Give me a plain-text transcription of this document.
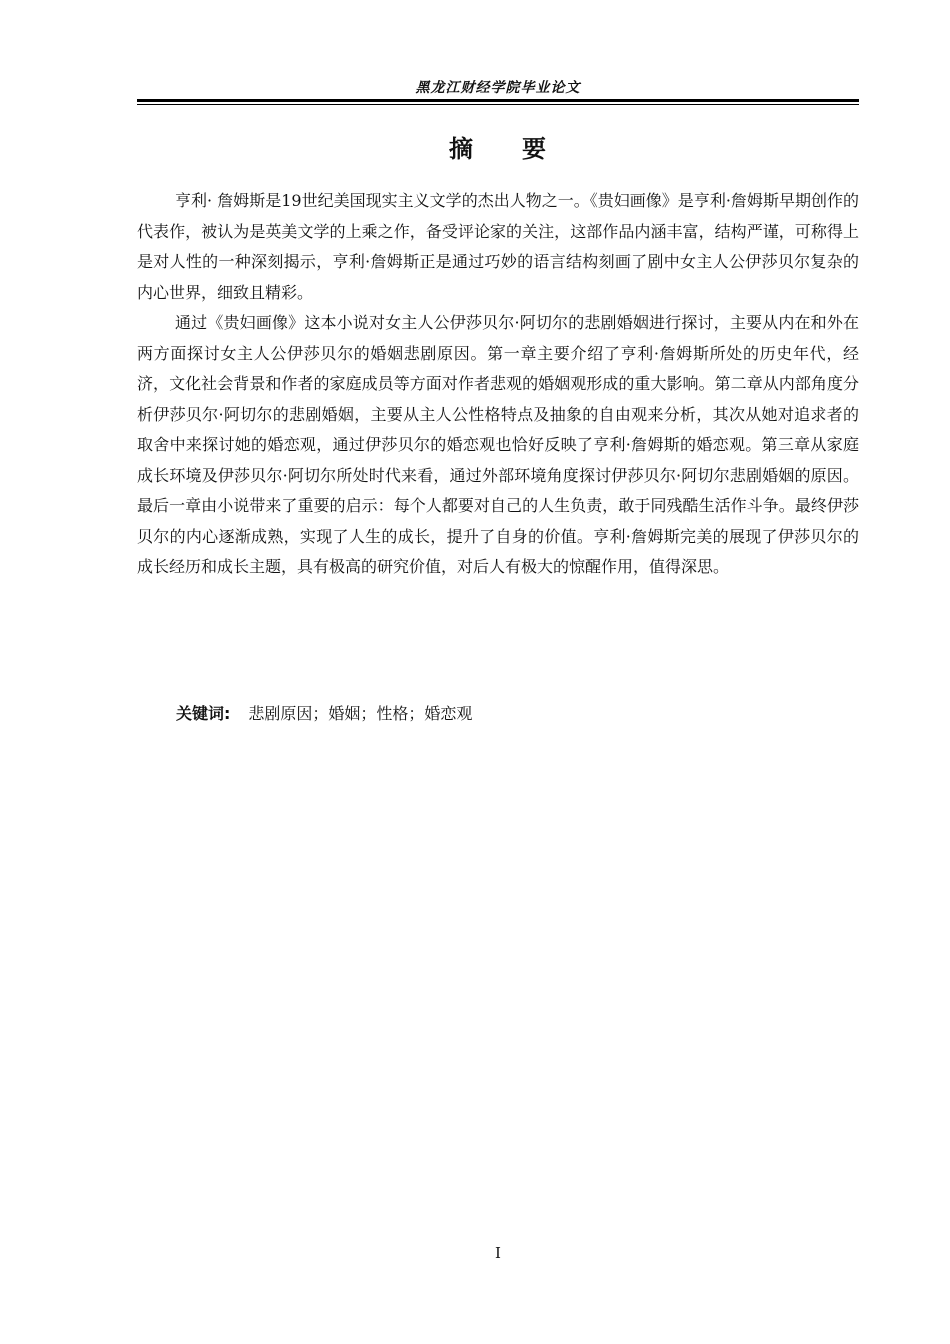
黑龙江财经学院毕业论文
摘 要

亨利· 詹姆斯是19世纪美国现实主义文学的杰出人物之一。《贵妇画像》是亨利·詹姆斯早期创作的代表作，被认为是英美文学的上乘之作，备受评论家的关注，这部作品内涵丰富，结构严谨，可称得上是对人性的一种深刻揭示，亨利·詹姆斯正是通过巧妙的语言结构刻画了剧中女主人公伊莎贝尔复杂的内心世界，细致且精彩。

通过《贵妇画像》这本小说对女主人公伊莎贝尔·阿切尔的悲剧婚姻进行探讨，主要从内在和外在两方面探讨女主人公伊莎贝尔的婚姻悲剧原因。第一章主要介绍了亨利·詹姆斯所处的历史年代，经济，文化社会背景和作者的家庭成员等方面对作者悲观的婚姻观形成的重大影响。第二章从内部角度分析伊莎贝尔·阿切尔的悲剧婚姻，主要从主人公性格特点及抽象的自由观来分析，其次从她对追求者的取舍中来探讨她的婚恋观，通过伊莎贝尔的婚恋观也恰好反映了亨利·詹姆斯的婚恋观。第三章从家庭成长环境及伊莎贝尔·阿切尔所处时代来看，通过外部环境角度探讨伊莎贝尔·阿切尔悲剧婚姻的原因。最后一章由小说带来了重要的启示：每个人都要对自己的人生负责，敢于同残酷生活作斗争。最终伊莎贝尔的内心逐渐成熟，实现了人生的成长，提升了自身的价值。亨利·詹姆斯完美的展现了伊莎贝尔的成长经历和成长主题，具有极高的研究价值，对后人有极大的惊醒作用，值得深思。

关键词: 悲剧原因；婚姻；性格；婚恋观
I
